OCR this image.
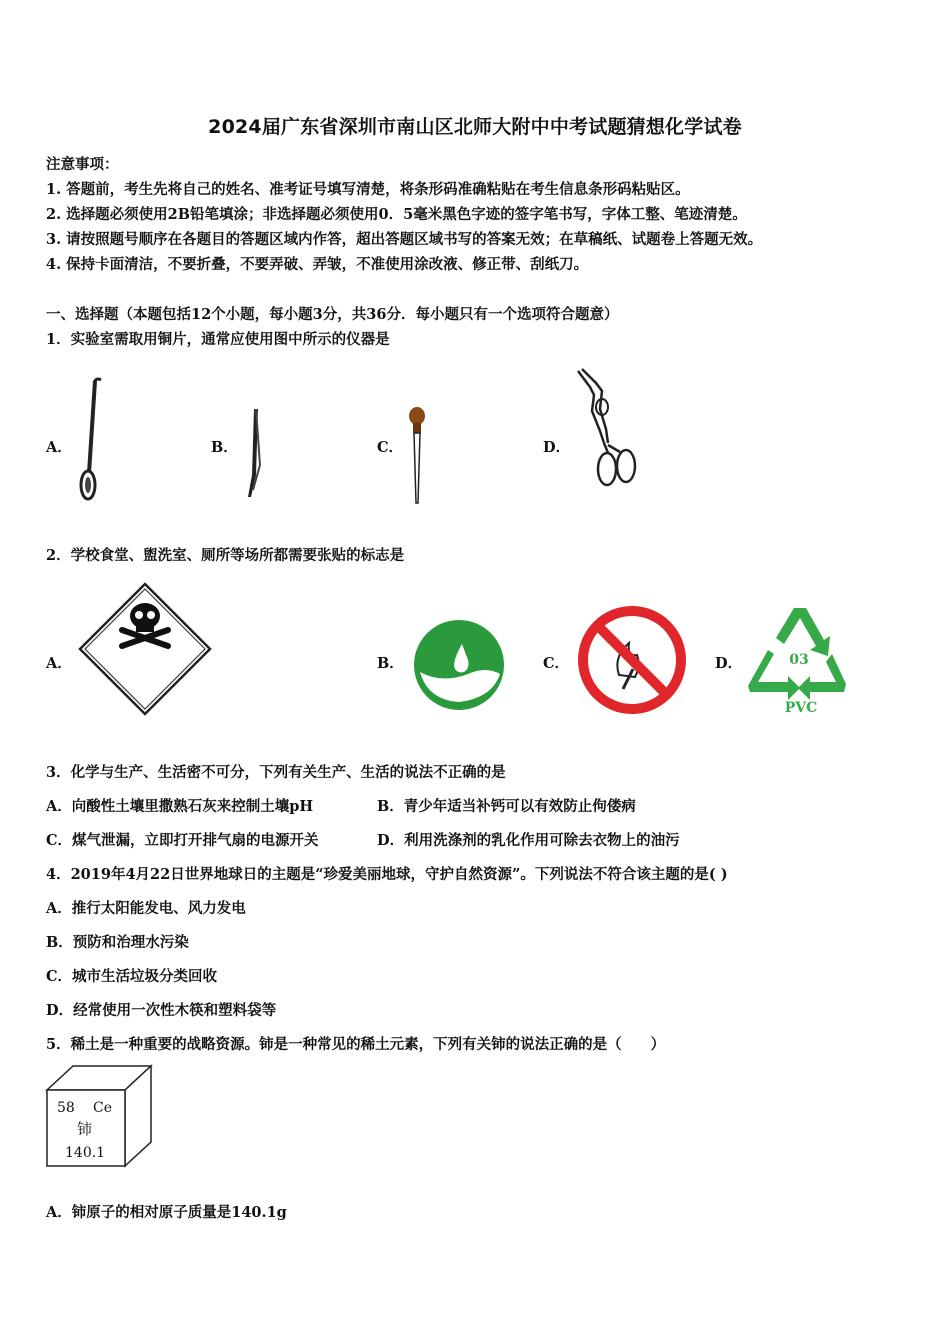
2024届广东省深圳市南山区北师大附中中考试题猜想化学试卷
注意事项：
1. 答题前，考生先将自己的姓名、准考证号填写清楚，将条形码准确粘贴在考生信息条形码粘贴区。
2. 选择题必须使用2B铅笔填涂；非选择题必须使用0．5毫米黑色字迹的签字笔书写，字体工整、笔迹清楚。
3. 请按照题号顺序在各题目的答题区域内作答，超出答题区域书写的答案无效；在草稿纸、试题卷上答题无效。
4. 保持卡面清洁，不要折叠，不要弄破、弄皱，不准使用涂改液、修正带、刮纸刀。
一、选择题（本题包括12个小题，每小题3分，共36分．每小题只有一个选项符合题意）
1．实验室需取用铜片，通常应使用图中所示的仪器是
A．	B．	C．	D．
2．学校食堂、盥洗室、厕所等场所都需要张贴的标志是
A．	B．	C．	D．	03
PVC
3．化学与生产、生活密不可分，下列有关生产、生活的说法不正确的是
A．向酸性土壤里撒熟石灰来控制土壤pH	B．青少年适当补钙可以有效防止佝偻病
C．煤气泄漏，立即打开排气扇的电源开关	D．利用洗涤剂的乳化作用可除去衣物上的油污
4．2019年4月22日世界地球日的主题是“珍爱美丽地球，守护自然资源”。下列说法不符合该主题的是( )
A．推行太阳能发电、风力发电
B．预防和治理水污染
C．城市生活垃圾分类回收
D．经常使用一次性木筷和塑料袋等
5．稀土是一种重要的战略资源。铈是一种常见的稀土元素，下列有关铈的说法正确的是（　　）
58 Ce
铈
140.1
A．铈原子的相对原子质量是140.1g
